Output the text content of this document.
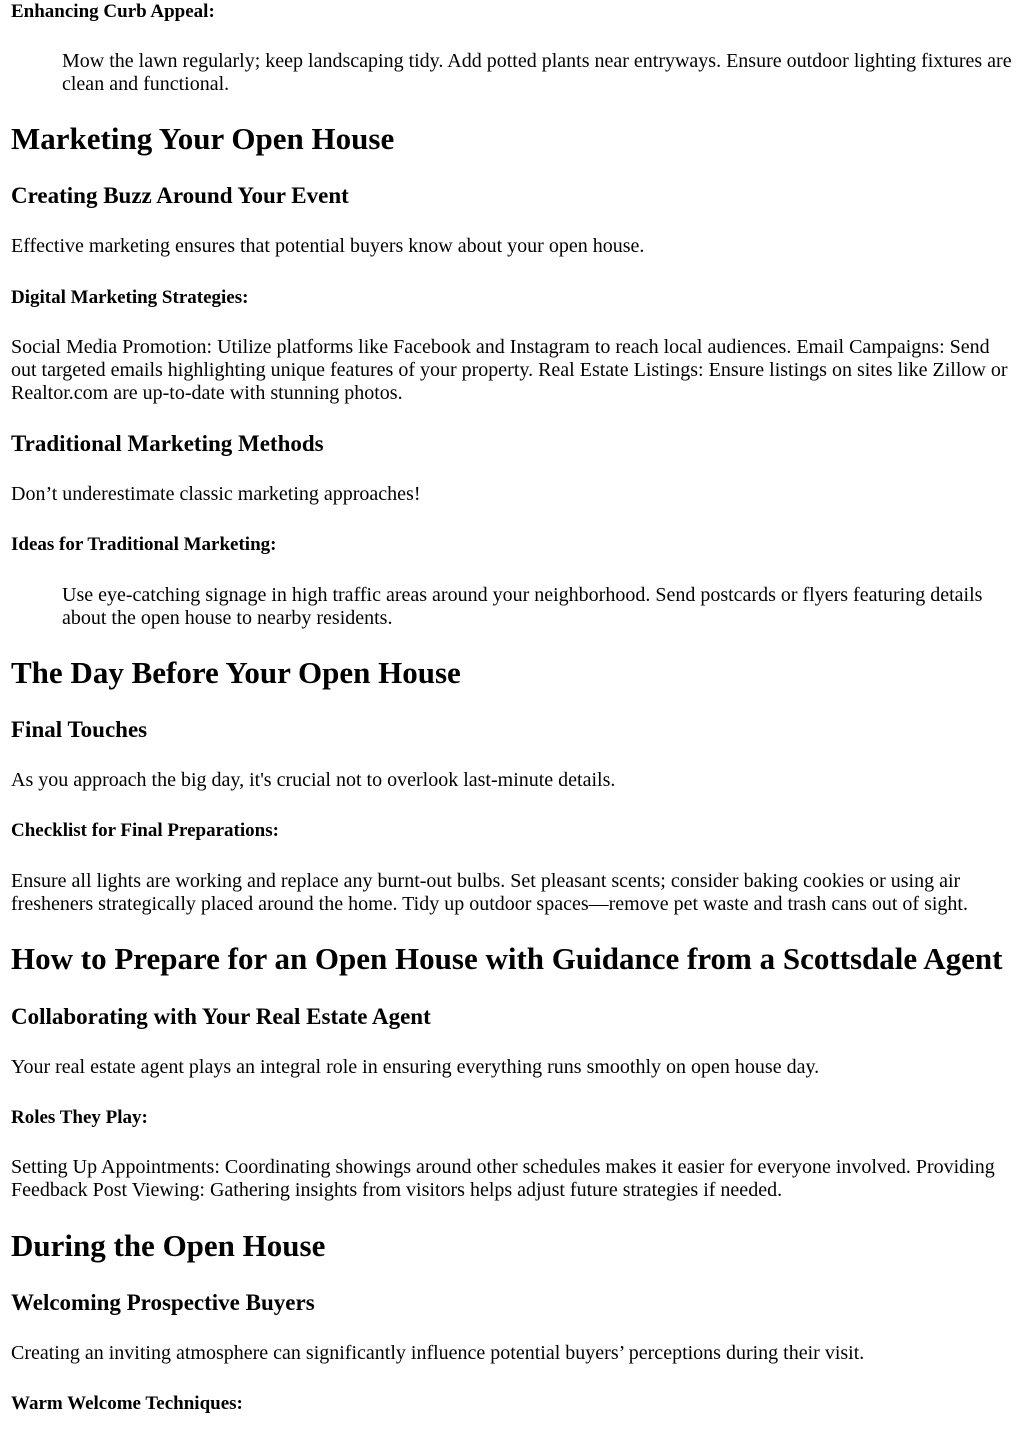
Enhancing Curb Appeal:

Mow the lawn regularly; keep landscaping tidy. Add potted plants near entryways. Ensure outdoor lighting fixtures are clean and functional.

Marketing Your Open House
Creating Buzz Around Your Event

Effective marketing ensures that potential buyers know about your open house.

Digital Marketing Strategies:

Social Media Promotion: Utilize platforms like Facebook and Instagram to reach local audiences. Email Campaigns: Send out targeted emails highlighting unique features of your property. Real Estate Listings: Ensure listings on sites like Zillow or Realtor.com are up-to-date with stunning photos.

Traditional Marketing Methods

Don’t underestimate classic marketing approaches!

Ideas for Traditional Marketing:

Use eye-catching signage in high traffic areas around your neighborhood. Send postcards or flyers featuring details about the open house to nearby residents.

The Day Before Your Open House
Final Touches

As you approach the big day, it's crucial not to overlook last-minute details.

Checklist for Final Preparations:

Ensure all lights are working and replace any burnt-out bulbs. Set pleasant scents; consider baking cookies or using air fresheners strategically placed around the home. Tidy up outdoor spaces—remove pet waste and trash cans out of sight.

How to Prepare for an Open House with Guidance from a Scottsdale Agent
Collaborating with Your Real Estate Agent

Your real estate agent plays an integral role in ensuring everything runs smoothly on open house day.

Roles They Play:

Setting Up Appointments: Coordinating showings around other schedules makes it easier for everyone involved. Providing Feedback Post Viewing: Gathering insights from visitors helps adjust future strategies if needed.

During the Open House
Welcoming Prospective Buyers

Creating an inviting atmosphere can significantly influence potential buyers’ perceptions during their visit.

Warm Welcome Techniques:
